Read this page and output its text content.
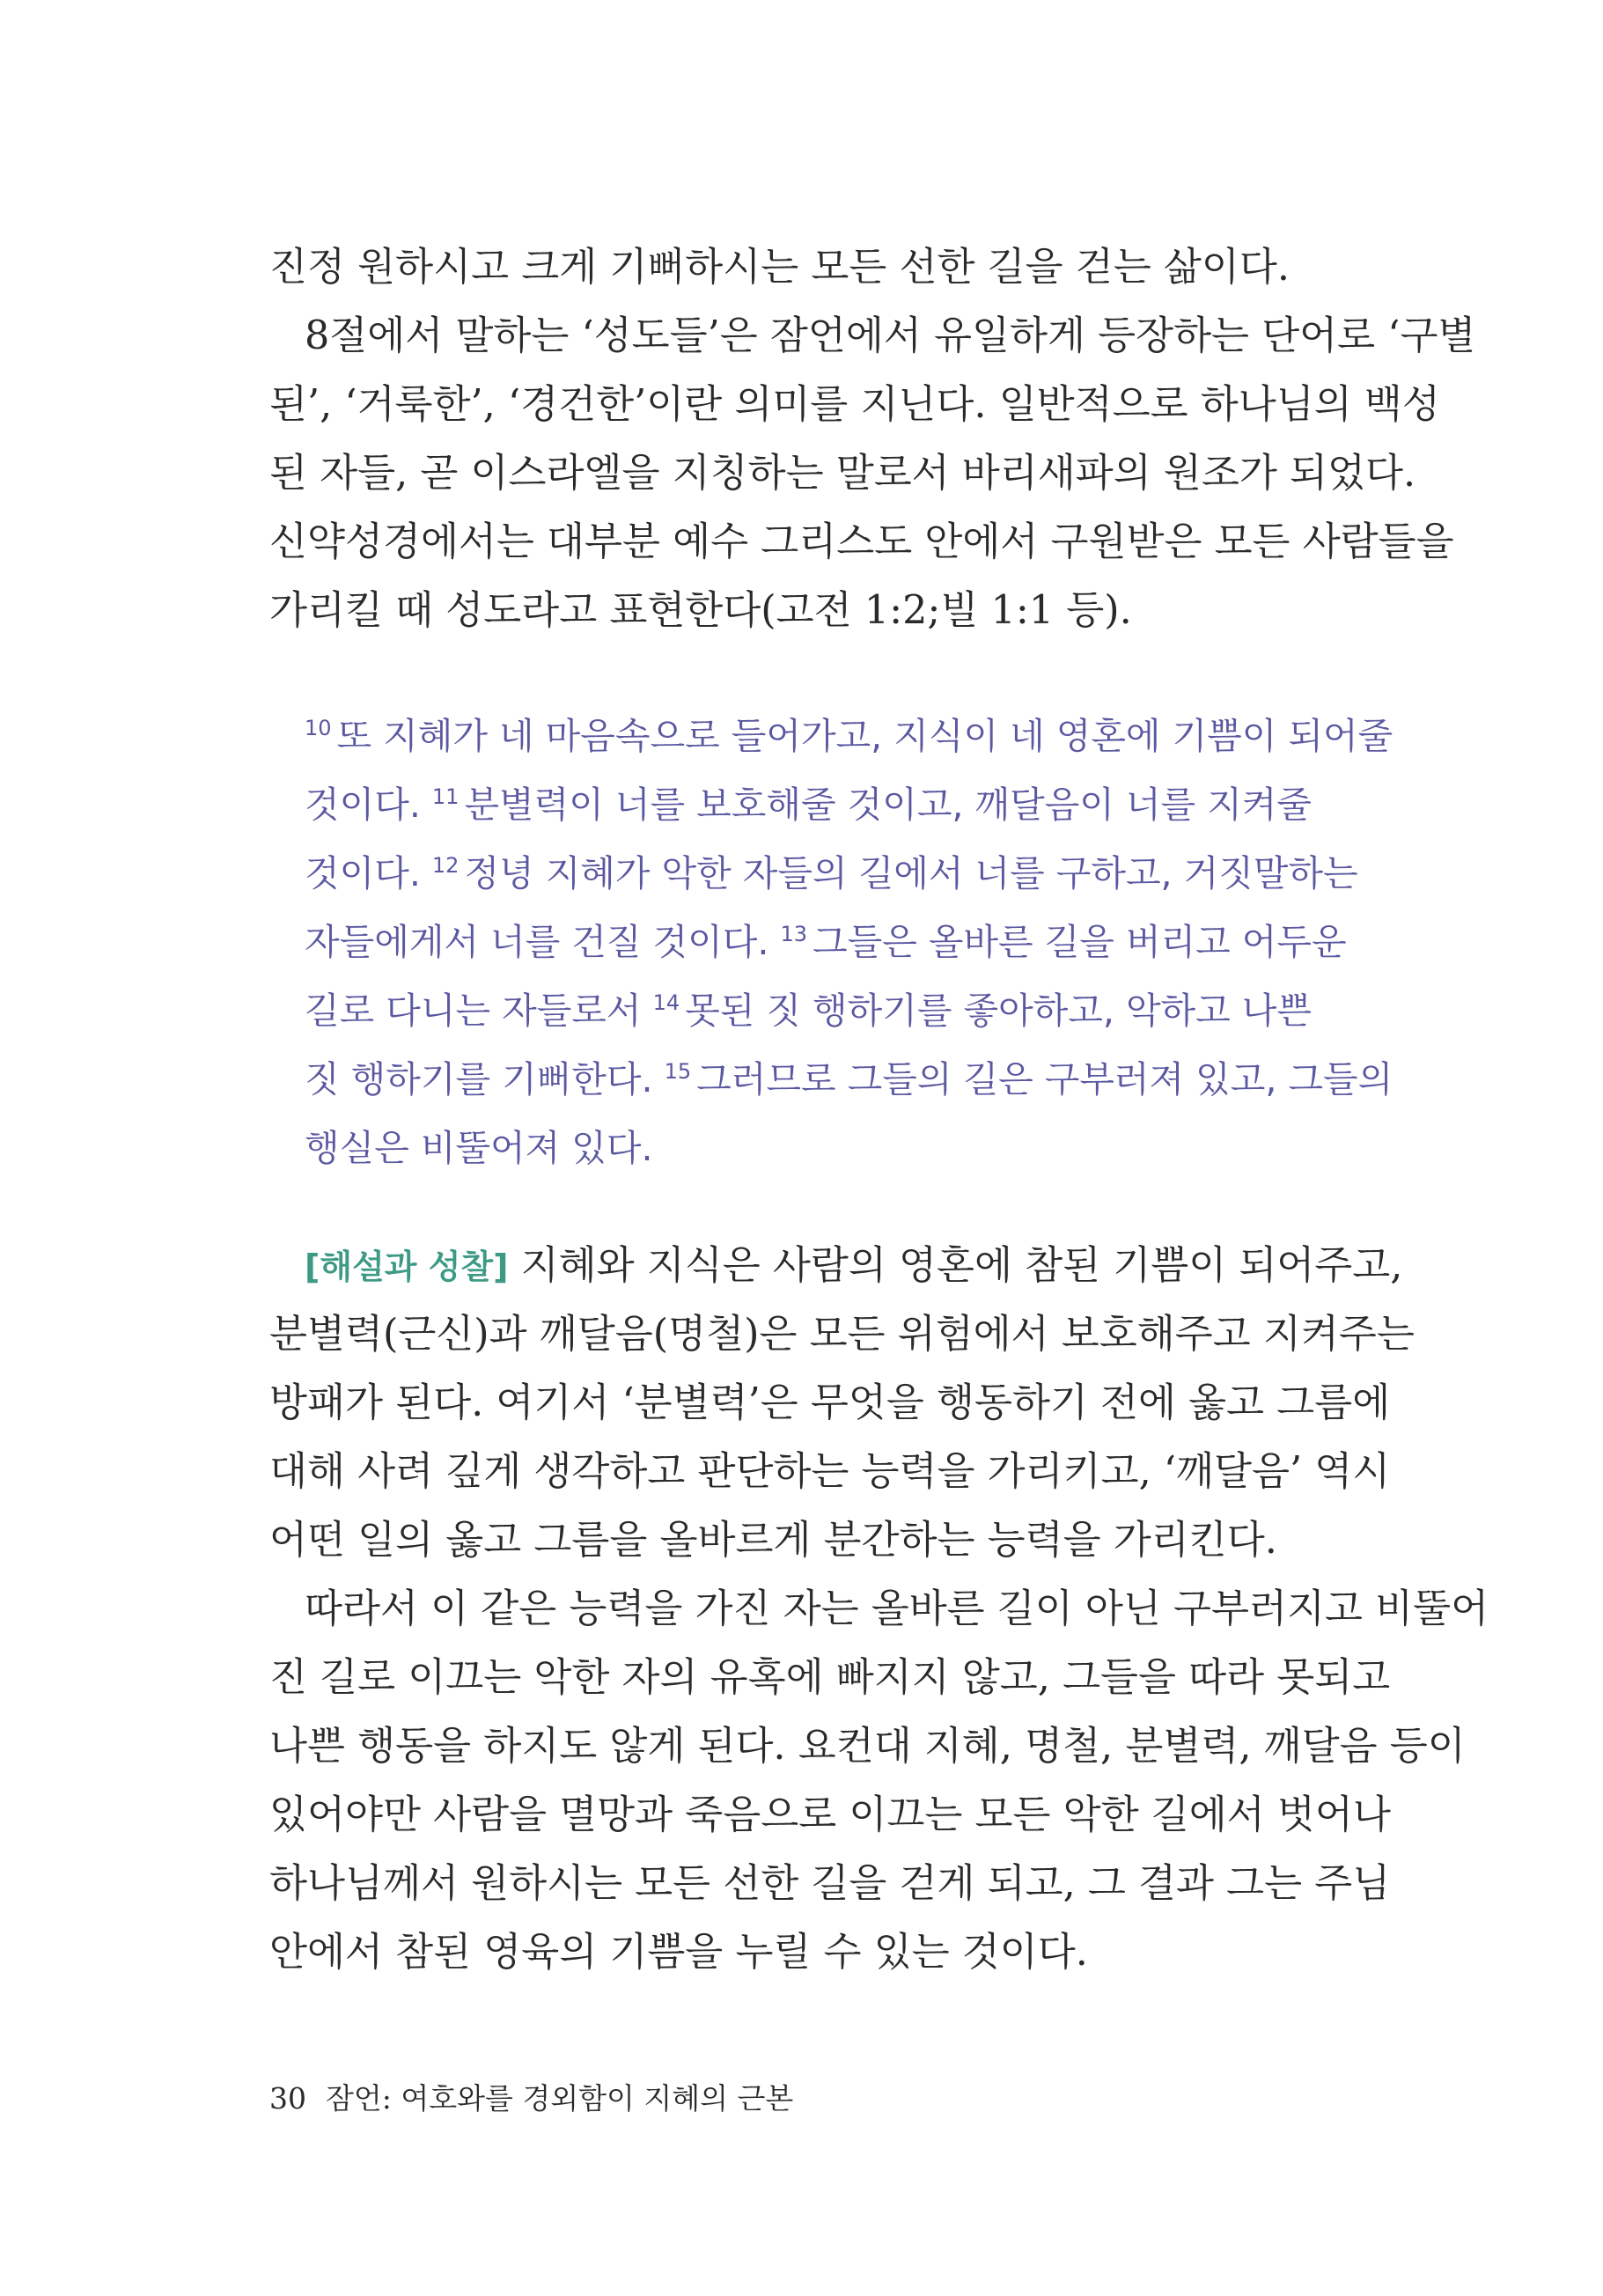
진정 원하시고 크게 기뻐하시는 모든 선한 길을 걷는 삶이다.
8절에서 말하는 ‘성도들’은 잠언에서 유일하게 등장하는 단어로 ‘구별
된’, ‘거룩한’, ‘경건한’이란 의미를 지닌다. 일반적으로 하나님의 백성
된 자들, 곧 이스라엘을 지칭하는 말로서 바리새파의 원조가 되었다.
신약성경에서는 대부분 예수 그리스도 안에서 구원받은 모든 사람들을
가리킬 때 성도라고 표현한다(고전 1:2;빌 1:1 등).
$^{10}$ 또 지혜가 네 마음속으로 들어가고, 지식이 네 영혼에 기쁨이 되어줄
것이다. $^{11}$ 분별력이 너를 보호해줄 것이고, 깨달음이 너를 지켜줄
것이다. $^{12}$ 정녕 지혜가 악한 자들의 길에서 너를 구하고, 거짓말하는
자들에게서 너를 건질 것이다. $^{13}$ 그들은 올바른 길을 버리고 어두운
길로 다니는 자들로서 $^{14}$ 못된 짓 행하기를 좋아하고, 악하고 나쁜
짓 행하기를 기뻐한다. $^{15}$ 그러므로 그들의 길은 구부러져 있고, 그들의
행실은 비뚤어져 있다.
[해설과 성찰] 지혜와 지식은 사람의 영혼에 참된 기쁨이 되어주고,
분별력(근신)과 깨달음(명철)은 모든 위험에서 보호해주고 지켜주는
방패가 된다. 여기서 ‘분별력’은 무엇을 행동하기 전에 옳고 그름에
대해 사려 깊게 생각하고 판단하는 능력을 가리키고, ‘깨달음’ 역시
어떤 일의 옳고 그름을 올바르게 분간하는 능력을 가리킨다.
따라서 이 같은 능력을 가진 자는 올바른 길이 아닌 구부러지고 비뚤어
진 길로 이끄는 악한 자의 유혹에 빠지지 않고, 그들을 따라 못되고
나쁜 행동을 하지도 않게 된다. 요컨대 지혜, 명철, 분별력, 깨달음 등이
있어야만 사람을 멸망과 죽음으로 이끄는 모든 악한 길에서 벗어나
하나님께서 원하시는 모든 선한 길을 걷게 되고, 그 결과 그는 주님
안에서 참된 영육의 기쁨을 누릴 수 있는 것이다.
30 잠언: 여호와를 경외함이 지혜의 근본
